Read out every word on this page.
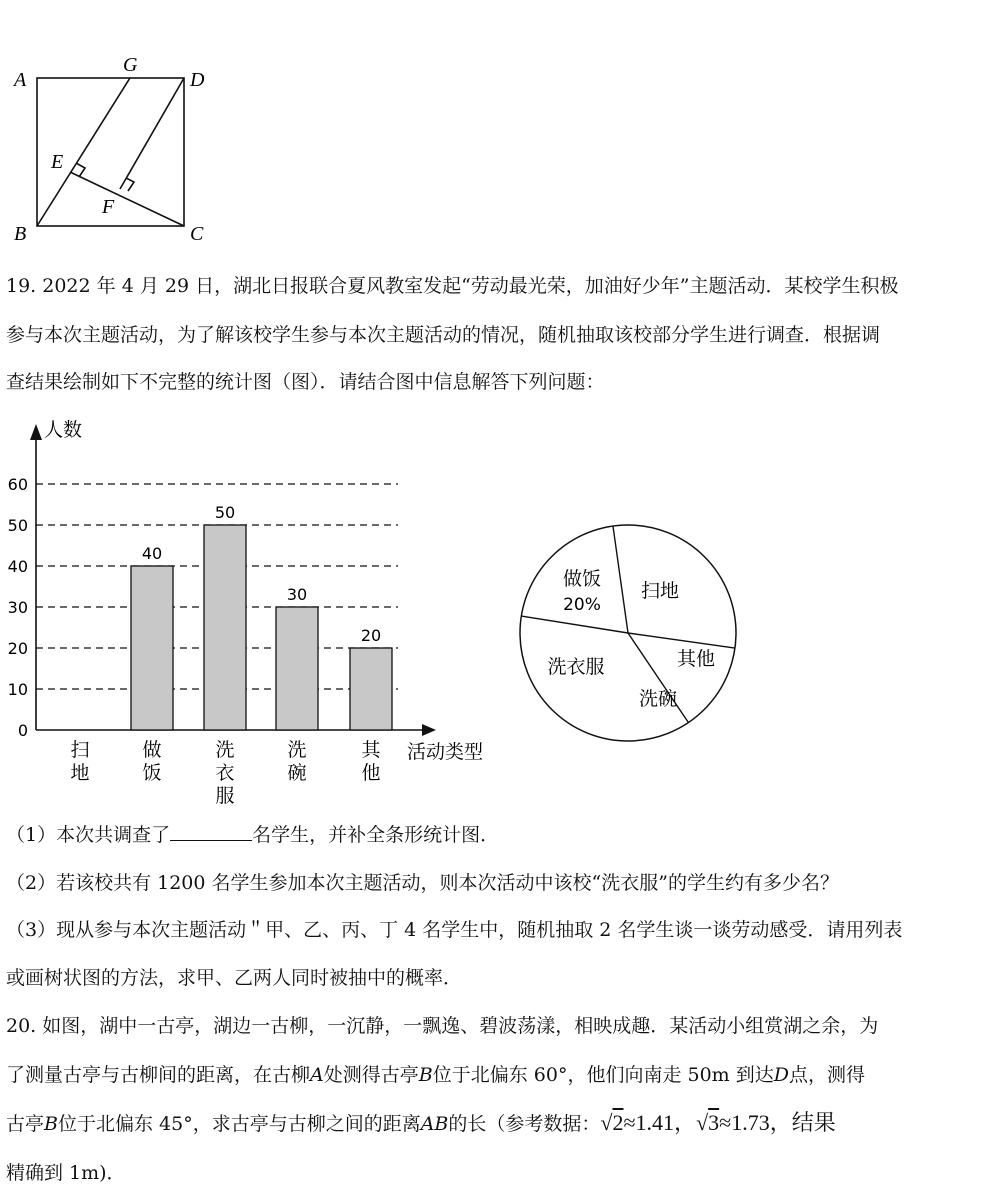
A
G
D
E
F
B	C
19. 2022 年 4 月 29 日，湖北日报联合夏风教室发起“劳动最光荣，加油好少年”主题活动．某校学生积极
参与本次主题活动，为了解该校学生参与本次主题活动的情况，随机抽取该校部分学生进行调查．根据调
查结果绘制如下不完整的统计图（图）．请结合图中信息解答下列问题：
0
10
20
30
40
50
60
人数
活动类型
扫
地
40
做
饭
50
洗
衣
服
30
洗
碗
20
其
他
做饭
20%
扫地
其他
洗碗
洗衣服
（1）本次共调查了	名学生，并补全条形统计图．
（2）若该校共有 1200 名学生参加本次主题活动，则本次活动中该校“洗衣服”的学生约有多少名？
（3）现从参与本次主题活动＂甲、乙、丙、丁 4 名学生中，随机抽取 2 名学生谈一谈劳动感受．请用列表
或画树状图的方法，求甲、乙两人同时被抽中的概率．
20. 如图，湖中一古亭，湖边一古柳，一沉静，一飘逸、碧波荡漾，相映成趣．某活动小组赏湖之余，为
了测量古亭与古柳间的距离，在古柳A处测得古亭B位于北偏东 60°，他们向南走 50m 到达D点，测得
古亭B位于北偏东 45°，求古亭与古柳之间的距离AB的长（参考数据：√2≈1.41，√3≈1.73，结果
精确到 1m)．
